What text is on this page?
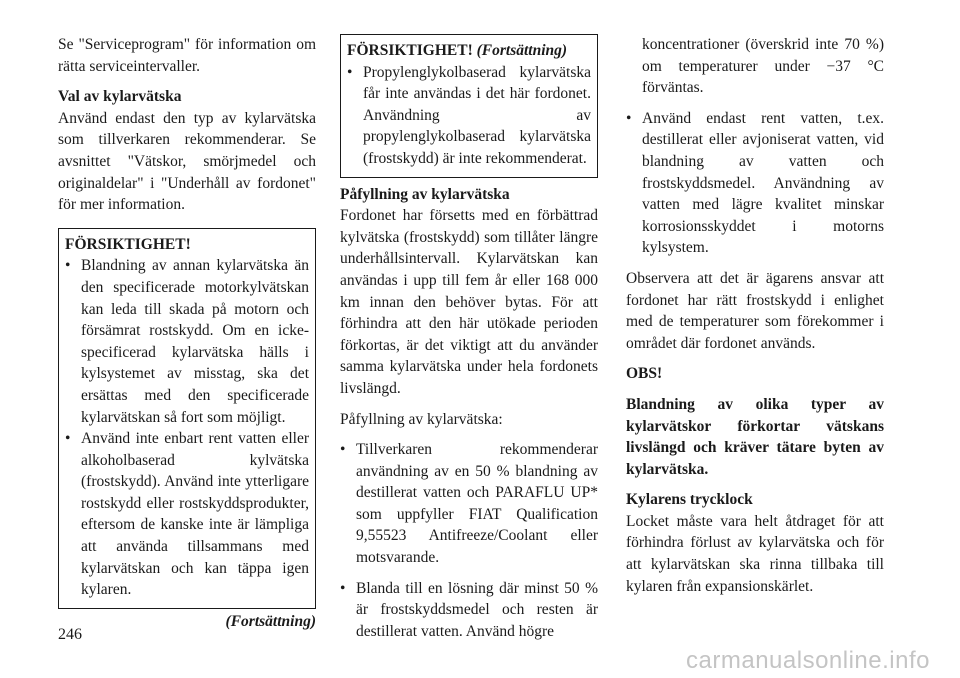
Se "Serviceprogram" för information om rätta serviceintervaller.

Val av kylarvätska

Använd endast den typ av kylarvätska som tillverkaren rekommenderar. Se avsnittet "Vätskor, smörjmedel och originaldelar" i "Underhåll av fordonet" för mer information.

FÖRSIKTIGHET!
• Blandning av annan kylarvätska än den specificerade motorkylvätskan kan leda till skada på motorn och försämrat rostskydd. Om en icke-specificerad kylarvätska hälls i kylsystemet av misstag, ska det ersättas med den specificerade kylarvätskan så fort som möjligt.
• Använd inte enbart rent vatten eller alkoholbaserad kylvätska (frostskydd). Använd inte ytterligare rostskydd eller rostskyddsprodukter, eftersom de kanske inte är lämpliga att använda tillsammans med kylarvätskan och kan täppa igen kylaren.
(Fortsättning)
FÖRSIKTIGHET! (Fortsättning)
• Propylenglykolbaserad kylarvätska får inte användas i det här fordonet. Användning av propylenglykolbaserad kylarvätska (frostskydd) är inte rekommenderat.

Påfyllning av kylarvätska

Fordonet har försetts med en förbättrad kylvätska (frostskydd) som tillåter längre underhållsintervall. Kylarvätskan kan användas i upp till fem år eller 168 000 km innan den behöver bytas. För att förhindra att den här utökade perioden förkortas, är det viktigt att du använder samma kylarvätska under hela fordonets livslängd.

Påfyllning av kylarvätska:

• Tillverkaren rekommenderar användning av en 50 % blandning av destillerat vatten och PARAFLU UP* som uppfyller FIAT Qualification 9,55523 Antifreeze/Coolant eller motsvarande.
• Blanda till en lösning där minst 50 % är frostskyddsmedel och resten är destillerat vatten. Använd högre

koncentrationer (överskrid inte 70 %) om temperaturer under −37 °C förväntas.

• Använd endast rent vatten, t.ex. destillerat eller avjoniserat vatten, vid blandning av vatten och frostskyddsmedel. Användning av vatten med lägre kvalitet minskar korrosionsskyddet i motorns kylsystem.

Observera att det är ägarens ansvar att fordonet har rätt frostskydd i enlighet med de temperaturer som förekommer i området där fordonet används.

OBS!

Blandning av olika typer av kylarvätskor förkortar vätskans livslängd och kräver tätare byten av kylarvätska.

Kylarens trycklock

Locket måste vara helt åtdraget för att förhindra förlust av kylarvätska och för att kylarvätskan ska rinna tillbaka till kylaren från expansionskärlet.

246
carmanualsonline.info
